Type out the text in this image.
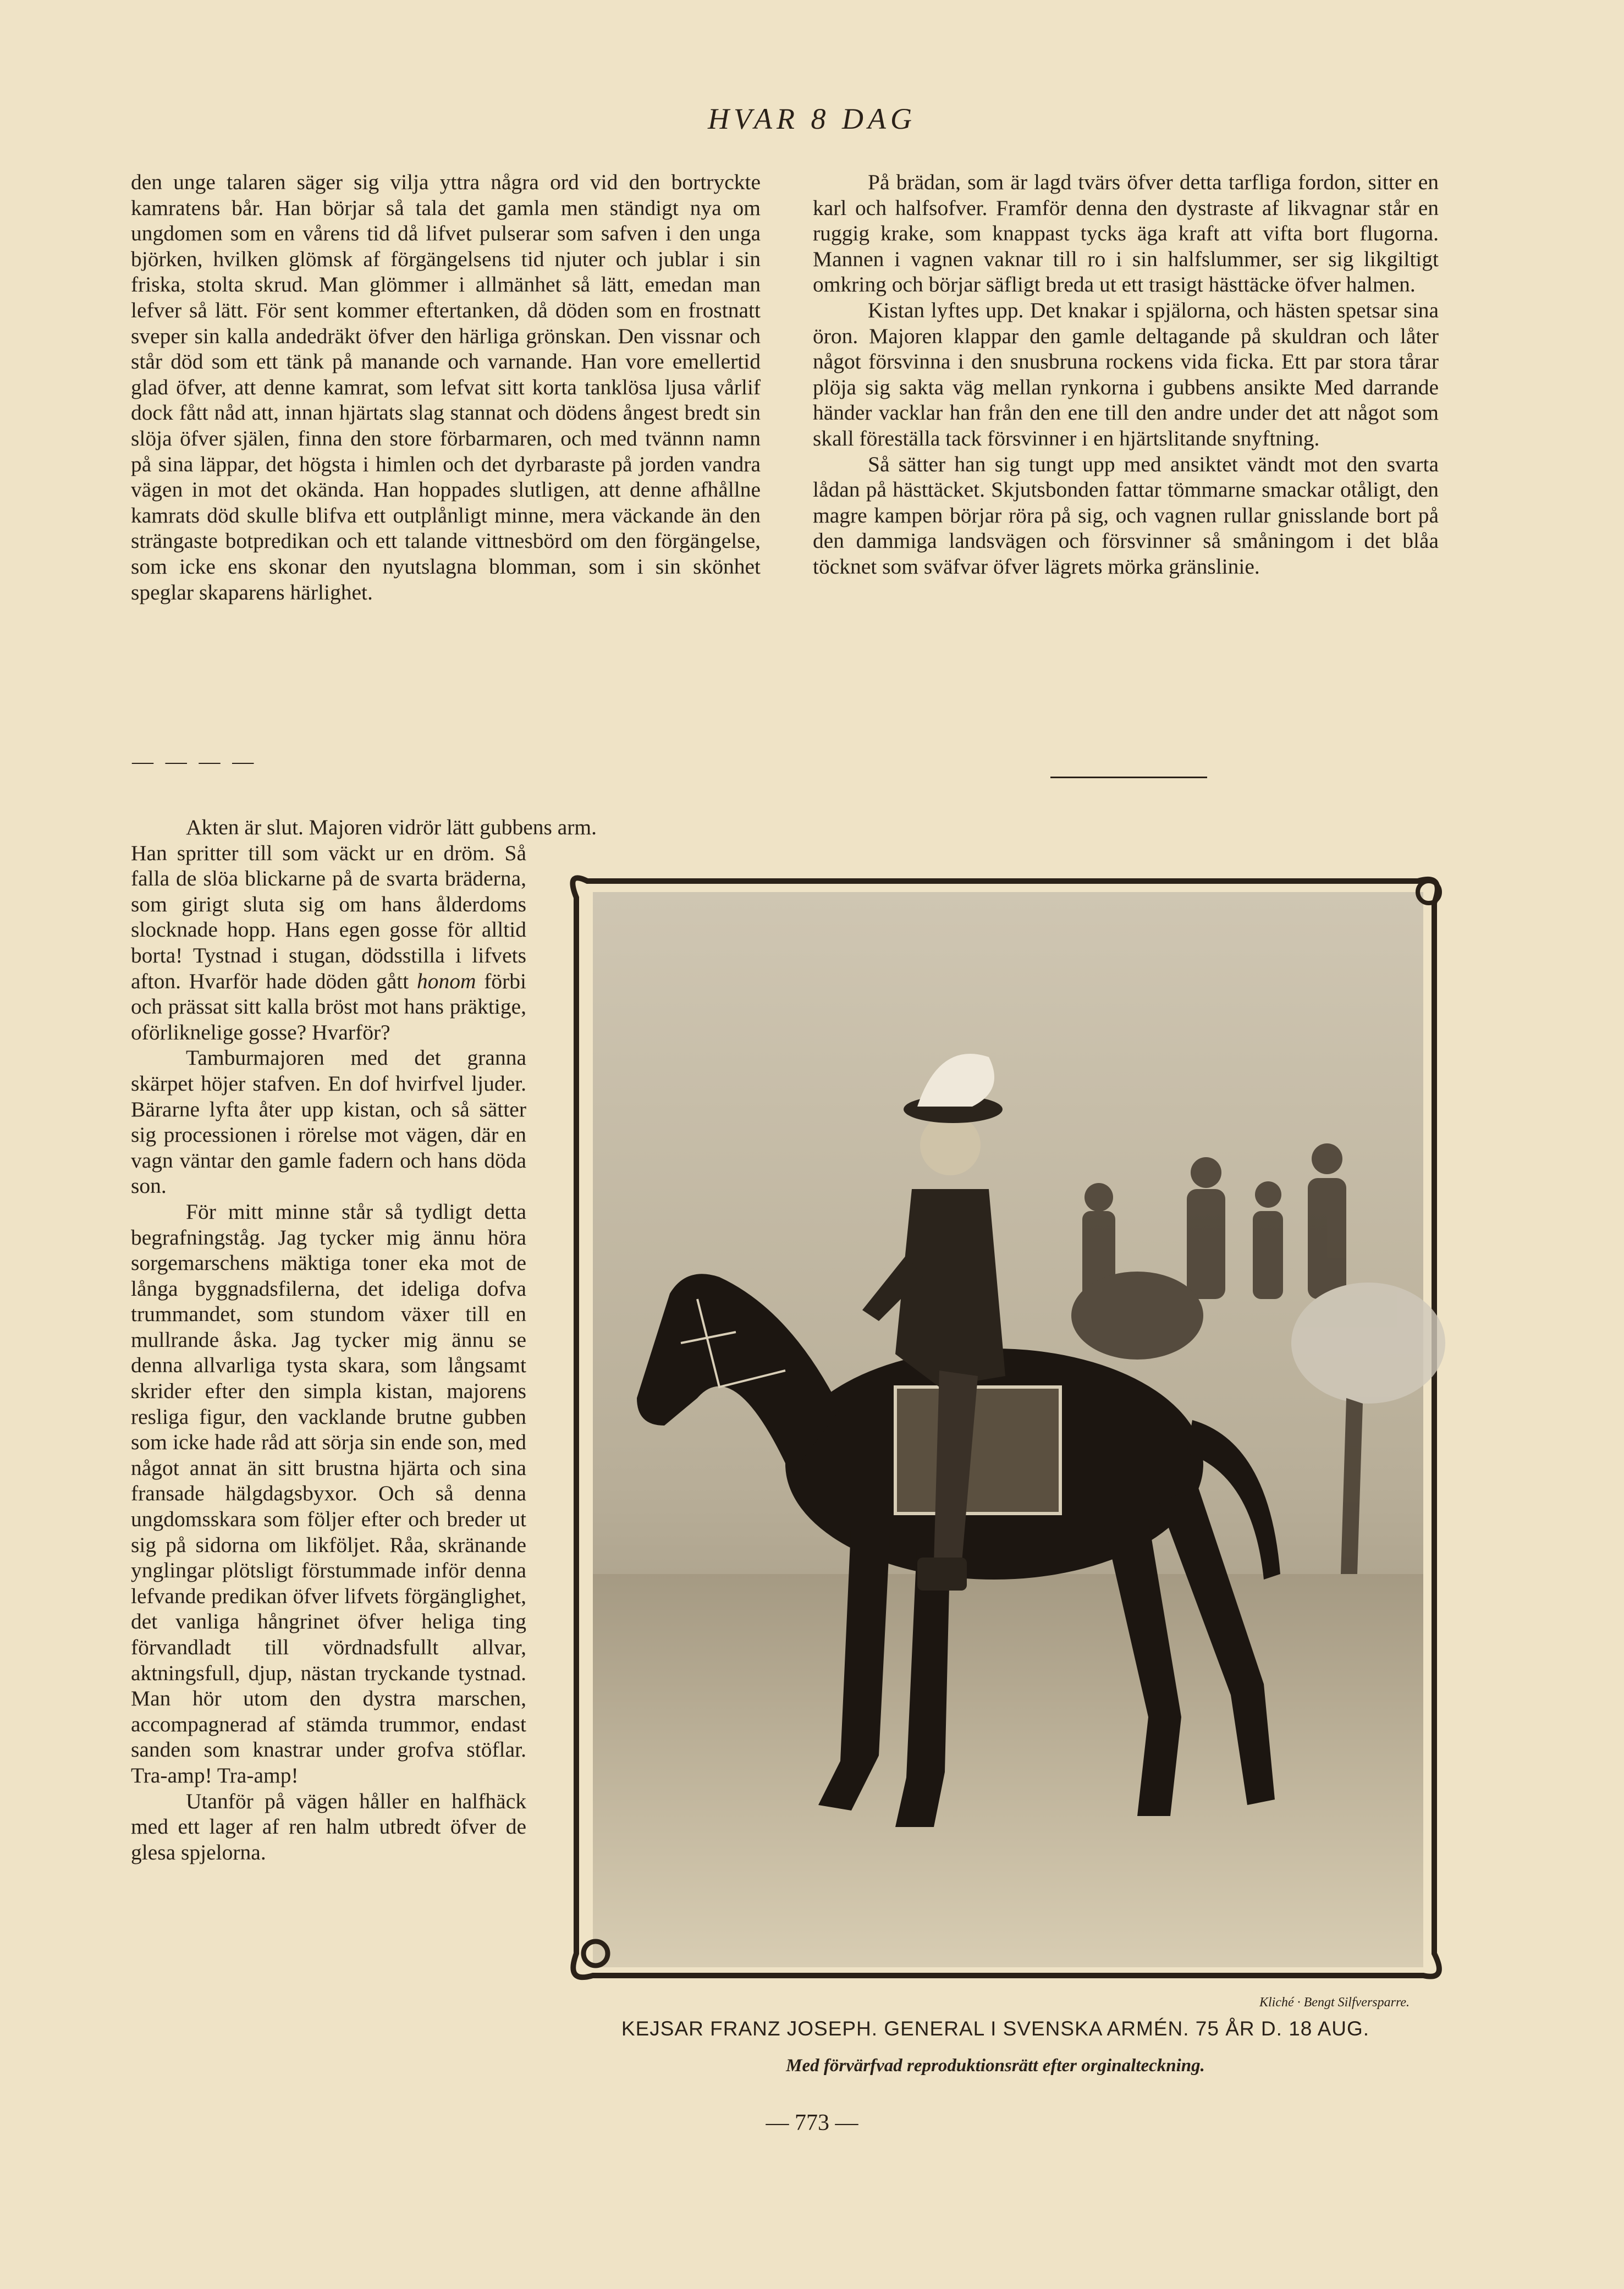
HVAR 8 DAG

den unge talaren säger sig vilja yttra några ord vid den bortryckte kamratens bår. Han börjar så tala det gamla men ständigt nya om ungdomen som en vårens tid då lifvet pulserar som safven i den unga björken, hvilken glömsk af förgängelsens tid njuter och jublar i sin friska, stolta skrud. Man glömmer i allmänhet så lätt, emedan man lefver så lätt. För sent kommer eftertanken, då döden som en frostnatt sveper sin kalla andedräkt öfver den härliga grönskan. Den vissnar och står död som ett tänk på manande och varnande. Han vore emellertid glad öfver, att denne kamrat, som lefvat sitt korta tanklösa ljusa vårlif dock fått nåd att, innan hjärtats slag stannat och dödens ångest bredt sin slöja öfver själen, finna den store förbarmaren, och med tvännn namn på sina läppar, det högsta i himlen och det dyrbaraste på jorden vandra vägen in mot det okända. Han hoppades slutligen, att denne afhållne kamrats död skulle blifva ett outplånligt minne, mera väckande än den strängaste botpredikan och ett talande vittnesbörd om den förgängelse, som icke ens skonar den nyutslagna blomman, som i sin skönhet speglar skaparens härlighet.

— — — —

Akten är slut. Majoren vidrör lätt gubbens arm.

Han spritter till som väckt ur en dröm. Så falla de slöa blickarne på de svarta bräderna, som girigt sluta sig om hans ålderdoms slocknade hopp. Hans egen gosse för alltid borta! Tystnad i stugan, dödsstilla i lifvets afton. Hvarför hade döden gått honom förbi och prässat sitt kalla bröst mot hans präktige, oförliknelige gosse? Hvarför?

Tamburmajoren med det granna skärpet höjer stafven. En dof hvirfvel ljuder. Bärarne lyfta åter upp kistan, och så sätter sig processionen i rörelse mot vägen, där en vagn väntar den gamle fadern och hans döda son.

För mitt minne står så tydligt detta begrafningståg. Jag tycker mig ännu höra sorgemarschens mäktiga toner eka mot de långa byggnadsfilerna, det ideliga dofva trummandet, som stundom växer till en mullrande åska. Jag tycker mig ännu se denna allvarliga tysta skara, som långsamt skrider efter den simpla kistan, majorens resliga figur, den vacklande brutne gubben som icke hade råd att sörja sin ende son, med något annat än sitt brustna hjärta och sina fransade hälgdagsbyxor. Och så denna ungdomsskara som följer efter och breder ut sig på sidorna om likföljet. Råa, skränande ynglingar plötsligt förstummade inför denna lefvande predikan öfver lifvets förgänglighet, det vanliga hångrinet öfver heliga ting förvandladt till vördnadsfullt allvar, aktningsfull, djup, nästan tryckande tystnad. Man hör utom den dystra marschen, accompagnerad af stämda trummor, endast sanden som knastrar under grofva stöflar. Tra-amp! Tra-amp!

Utanför på vägen håller en halfhäck med ett lager af ren halm utbredt öfver de glesa spjelorna.

På brädan, som är lagd tvärs öfver detta tarfliga fordon, sitter en karl och halfsofver. Framför denna den dystraste af likvagnar står en ruggig krake, som knappast tycks äga kraft att vifta bort flugorna. Mannen i vagnen vaknar till ro i sin halfslummer, ser sig likgiltigt omkring och börjar säfligt breda ut ett trasigt hästtäcke öfver halmen.

Kistan lyftes upp. Det knakar i spjälorna, och hästen spetsar sina öron. Majoren klappar den gamle deltagande på skuldran och låter något försvinna i den snusbruna rockens vida ficka. Ett par stora tårar plöja sig sakta väg mellan rynkorna i gubbens ansikte Med darrande händer vacklar han från den ene till den andre under det att något som skall föreställa tack försvinner i en hjärtslitande snyftning.

Så sätter han sig tungt upp med ansiktet vändt mot den svarta lådan på hästtäcket. Skjutsbonden fattar tömmarne smackar otåligt, den magre kampen börjar röra på sig, och vagnen rullar gnisslande bort på den dammiga landsvägen och försvinner så småningom i det blåa töcknet som sväfvar öfver lägrets mörka gränslinie.

Kliché · Bengt Silfversparre.
KEJSAR FRANZ JOSEPH. GENERAL I SVENSKA ARMÉN. 75 ÅR D. 18 AUG.
Med förvärfvad reproduktionsrätt efter orginalteckning.
— 773 —
